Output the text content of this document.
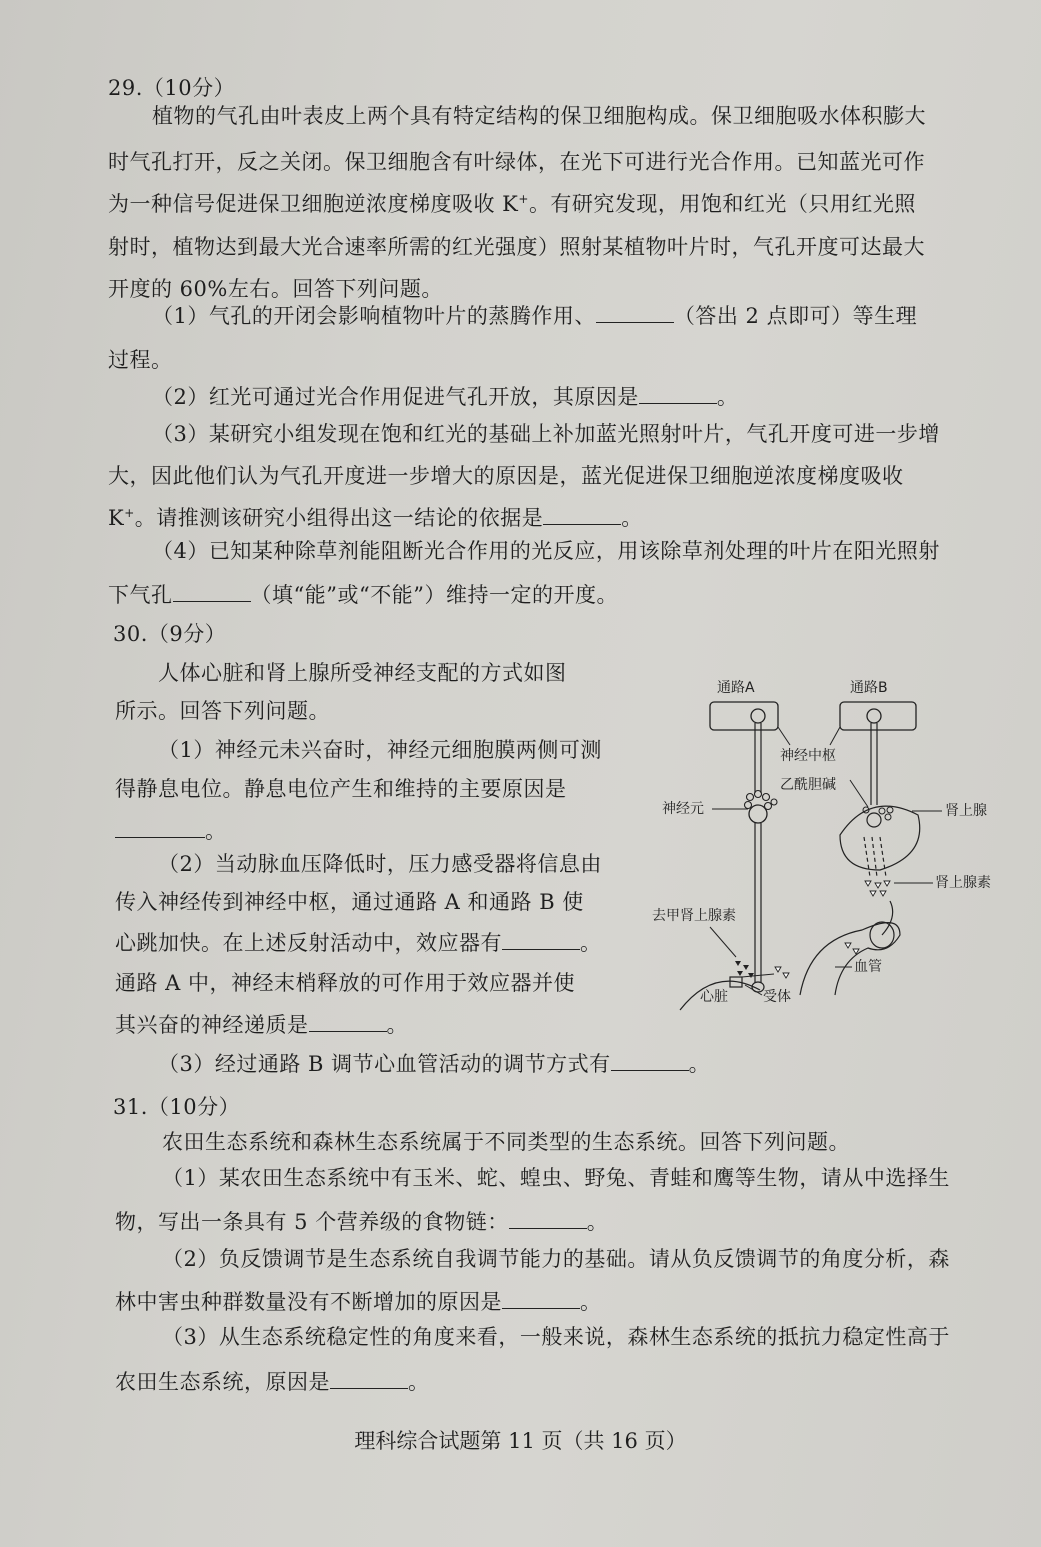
29.（10分）
植物的气孔由叶表皮上两个具有特定结构的保卫细胞构成。保卫细胞吸水体积膨大
时气孔打开，反之关闭。保卫细胞含有叶绿体，在光下可进行光合作用。已知蓝光可作
为一种信号促进保卫细胞逆浓度梯度吸收 K+。有研究发现，用饱和红光（只用红光照
射时，植物达到最大光合速率所需的红光强度）照射某植物叶片时，气孔开度可达最大
开度的 60%左右。回答下列问题。
（1）气孔的开闭会影响植物叶片的蒸腾作用、	（答出 2 点即可）等生理
过程。
（2）红光可通过光合作用促进气孔开放，其原因是	。
（3）某研究小组发现在饱和红光的基础上补加蓝光照射叶片，气孔开度可进一步增
大，因此他们认为气孔开度进一步增大的原因是，蓝光促进保卫细胞逆浓度梯度吸收
K+。请推测该研究小组得出这一结论的依据是	。
（4）已知某种除草剂能阻断光合作用的光反应，用该除草剂处理的叶片在阳光照射
下气孔	（填“能”或“不能”）维持一定的开度。
30.（9分）
人体心脏和肾上腺所受神经支配的方式如图
所示。回答下列问题。
（1）神经元未兴奋时，神经元细胞膜两侧可测
得静息电位。静息电位产生和维持的主要原因是
。
（2）当动脉血压降低时，压力感受器将信息由
传入神经传到神经中枢，通过通路 A 和通路 B 使
心跳加快。在上述反射活动中，效应器有	。
通路 A 中，神经末梢释放的可作用于效应器并使
其兴奋的神经递质是	。
（3）经过通路 B 调节心血管活动的调节方式有	。
通路A	通路B
神经中枢
乙酰胆碱
神经元	肾上腺
肾上腺素
血管
去甲肾上腺素
心脏	受体
31.（10分）
农田生态系统和森林生态系统属于不同类型的生态系统。回答下列问题。
（1）某农田生态系统中有玉米、蛇、蝗虫、野兔、青蛙和鹰等生物，请从中选择生
物，写出一条具有 5 个营养级的食物链：	。
（2）负反馈调节是生态系统自我调节能力的基础。请从负反馈调节的角度分析，森
林中害虫种群数量没有不断增加的原因是	。
（3）从生态系统稳定性的角度来看，一般来说，森林生态系统的抵抗力稳定性高于
农田生态系统，原因是	。
理科综合试题第 11 页（共 16 页）
